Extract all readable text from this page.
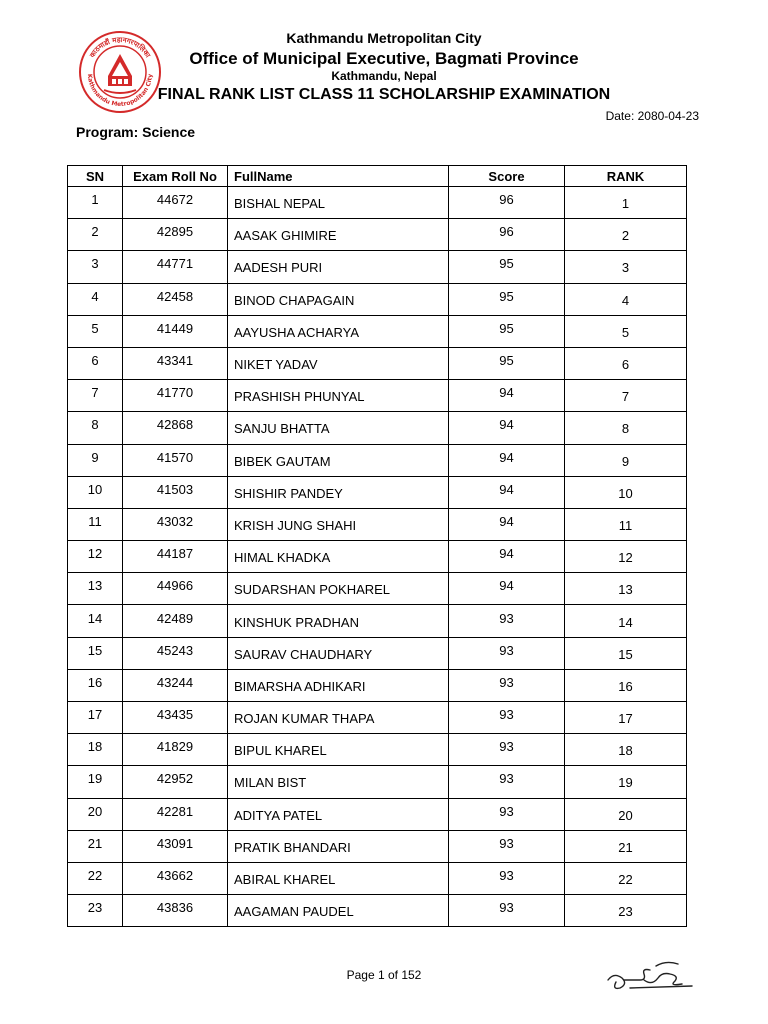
काठमाडौं महानगरपालिका
Kathmandu Metropolitan City
Kathmandu Metropolitan City
Office of Municipal Executive, Bagmati Province
Kathmandu, Nepal
FINAL RANK LIST CLASS 11 SCHOLARSHIP EXAMINATION
Date: 2080-04-23
Program: Science
SN	Exam Roll No	FullName	Score	RANK
1	44672	BISHAL NEPAL	96	1
2	42895	AASAK GHIMIRE	96	2
3	44771	AADESH PURI	95	3
4	42458	BINOD CHAPAGAIN	95	4
5	41449	AAYUSHA ACHARYA	95	5
6	43341	NIKET YADAV	95	6
7	41770	PRASHISH PHUNYAL	94	7
8	42868	SANJU BHATTA	94	8
9	41570	BIBEK GAUTAM	94	9
10	41503	SHISHIR PANDEY	94	10
11	43032	KRISH JUNG SHAHI	94	11
12	44187	HIMAL KHADKA	94	12
13	44966	SUDARSHAN POKHAREL	94	13
14	42489	KINSHUK PRADHAN	93	14
15	45243	SAURAV CHAUDHARY	93	15
16	43244	BIMARSHA ADHIKARI	93	16
17	43435	ROJAN KUMAR THAPA	93	17
18	41829	BIPUL KHAREL	93	18
19	42952	MILAN BIST	93	19
20	42281	ADITYA PATEL	93	20
21	43091	PRATIK BHANDARI	93	21
22	43662	ABIRAL KHAREL	93	22
23	43836	AAGAMAN PAUDEL	93	23
Page 1 of 152
